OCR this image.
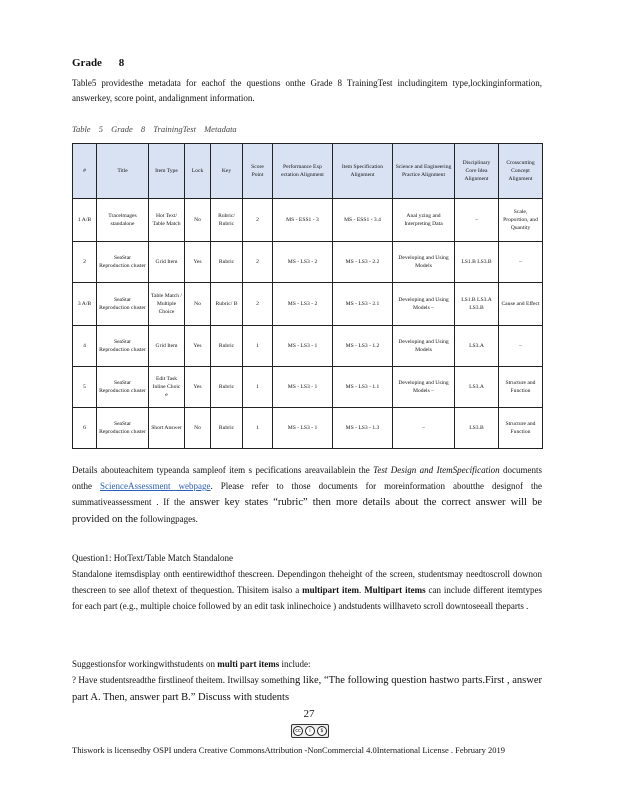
Grade 8
Table5 providesthe metadata for eachof the questions onthe Grade 8 TrainingTest includingitem type,lockinginformation, answerkey, score point, andalignment information.
Table 5 Grade 8 TrainingTest Metadata
#	Title	Item Type	Lock	Key	Score Point	Performance Exp ectation Alignment	Item Specification Alignment	Science and Engineering Practice Alignment	Disciplinary Core Idea Alignment	Crosscutting Concept Alignment
1 A/B	Tracelmages standalone	Hot Text/ Table Match	No	Rubric/ Rubric	2	MS - ESS1 - 3	MS - ESS1 - 3.4	Anal yzing and Interpreting Data	–	Scale, Proportion, and Quantity
2	SeaStar Reproduction cluster	Grid Item	Yes	Rubric	2	MS - LS3 - 2	MS - LS3 - 2.2	Developing and Using Models	LS1.B LS3.B	–
3 A/B	SeaStar Reproduction cluster	Table Match / Multiple Choice	No	Rubric/ B	2	MS - LS3 - 2	MS - LS3 - 2.1	Developing and Using Models –	LS1.B LS3.A LS3.B	Cause and Effect
4	SeaStar Reproduction cluster	Grid Item	Yes	Rubric	1	MS - LS3 - 1	MS - LS3 - 1.2	Developing and Using Models	LS3.A	–
5	SeaStar Reproduction cluster	Edit Task Inline Choic e	Yes	Rubric	1	MS - LS3 - 1	MS - LS3 - 1.1	Developing and Using Models –	LS3.A	Structure and Function
6	SeaStar Reproduction cluster	Short Answer	No	Rubric	1	MS - LS3 - 1	MS - LS3 - 1.3	–	LS3.B	Structure and Function
Details abouteachitem typeanda sampleof item s pecifications areavailablein the Test Design and ItemSpecification documents onthe ScienceAssessment webpage. Please refer to those documents for moreinformation aboutthe designof the summativeassessment . If the answer key states “rubric” then more details about the correct answer will be provided on the followingpages.
Question1: HotText/Table Match Standalone
Standalone itemsdisplay onth eentirewidthof thescreen. Dependingon theheight of the screen, studentsmay needtoscroll downon thescreen to see allof thetext of thequestion. Thisitem isalso a multipart item. Multipart items can include different itemtypes for each part (e.g., multiple choice followed by an edit task inlinechoice ) andstudents willhaveto scroll downtoseeall theparts .
Suggestionsfor workingwithstudents on multi part items include:
? Have studentsreadthe firstlineof theitem. Itwillsay something like, “The following question hastwo parts.First , answer part A. Then, answer part B.” Discuss with students
27
cc	i	$
Thiswork is licensedby OSPI undera Creative CommonsAttribution -NonCommercial 4.0International License . February 2019
